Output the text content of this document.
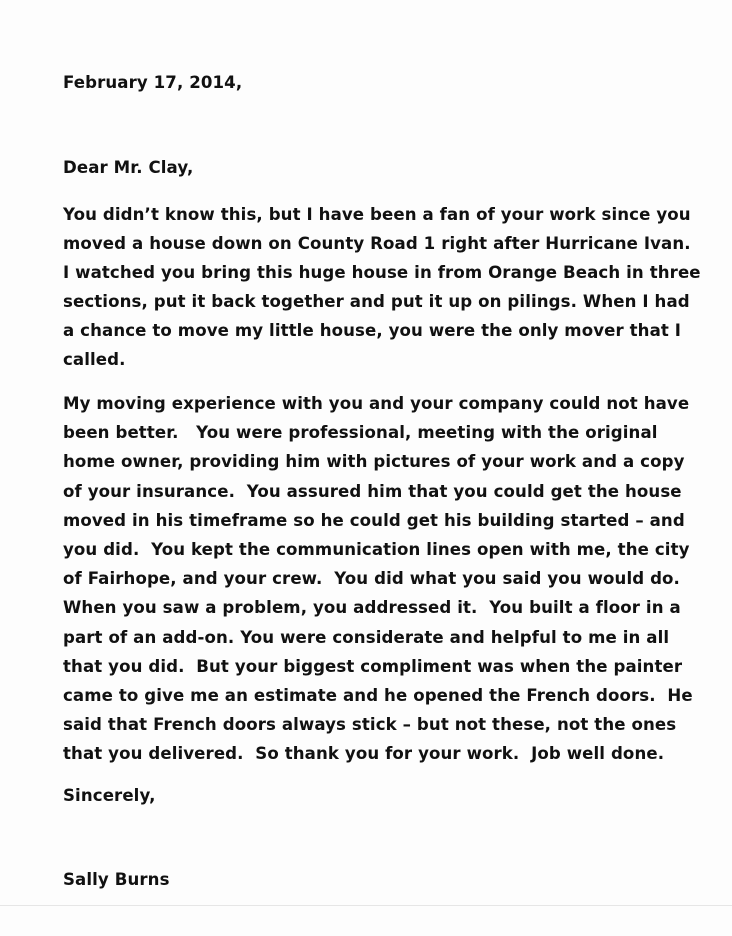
February 17, 2014,
Dear Mr. Clay,
You didn’t know this, but I have been a fan of your work since you
moved a house down on County Road 1 right after Hurricane Ivan.
I watched you bring this huge house in from Orange Beach in three
sections, put it back together and put it up on pilings. When I had
a chance to move my little house, you were the only mover that I
called.
My moving experience with you and your company could not have
been better.   You were professional, meeting with the original
home owner, providing him with pictures of your work and a copy
of your insurance.  You assured him that you could get the house
moved in his timeframe so he could get his building started – and
you did.  You kept the communication lines open with me, the city
of Fairhope, and your crew.  You did what you said you would do.
When you saw a problem, you addressed it.  You built a floor in a
part of an add-on. You were considerate and helpful to me in all
that you did.  But your biggest compliment was when the painter
came to give me an estimate and he opened the French doors.  He
said that French doors always stick – but not these, not the ones
that you delivered.  So thank you for your work.  Job well done.
Sincerely,
Sally Burns
